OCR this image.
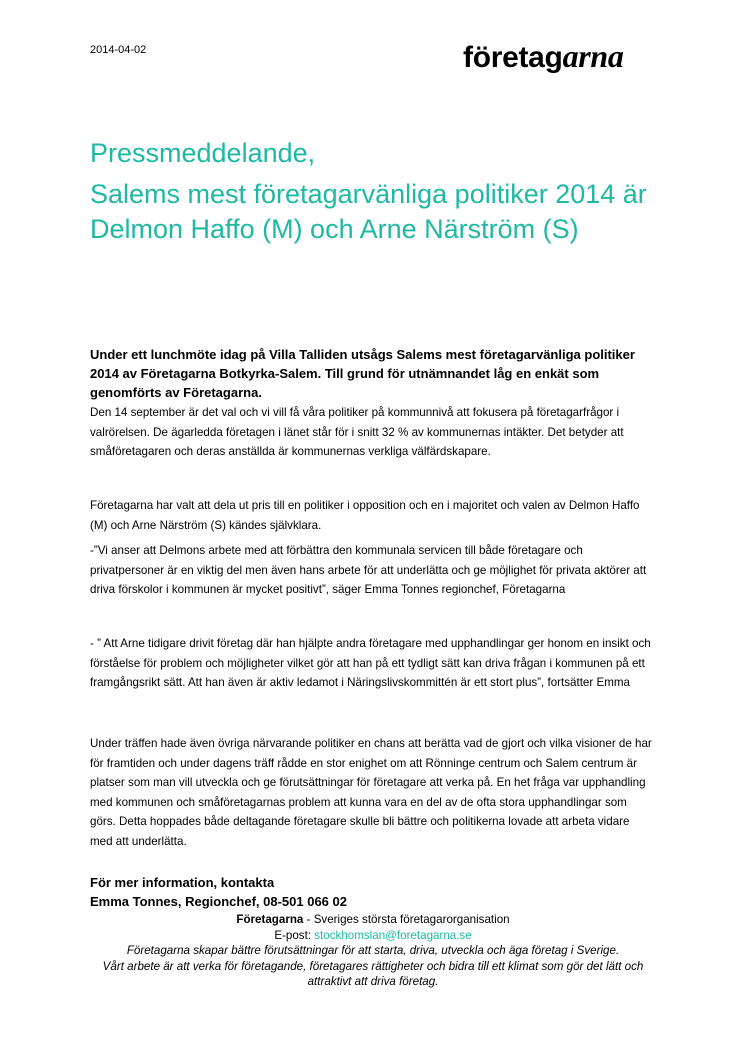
2014-04-02	företagarna
Pressmeddelande,
Salems mest företagarvänliga politiker 2014 är Delmon Haffo (M) och Arne Närström (S)

Under ett lunchmöte idag på Villa Talliden utsågs Salems mest företagarvänliga politiker 2014 av Företagarna Botkyrka-Salem. Till grund för utnämnandet låg en enkät som genomförts av Företagarna.

Den 14 september är det val och vi vill få våra politiker på kommunnivå att fokusera på företagarfrågor i valrörelsen. De ägarledda företagen i länet står för i snitt 32 % av kommunernas intäkter. Det betyder att småföretagaren och deras anställda är kommunernas verkliga välfärdskapare.

Företagarna har valt att dela ut pris till en politiker i opposition och en i majoritet och valen av Delmon Haffo (M) och Arne Närström (S) kändes självklara.

-”Vi anser att Delmons arbete med att förbättra den kommunala servicen till både företagare och privatpersoner är en viktig del men även hans arbete för att underlätta och ge möjlighet för privata aktörer att driva förskolor i kommunen är mycket positivt”, säger Emma Tonnes regionchef, Företagarna

- ” Att Arne tidigare drivit företag där han hjälpte andra företagare med upphandlingar ger honom en insikt och förståelse för problem och möjligheter vilket gör att han på ett tydligt sätt kan driva frågan i kommunen på ett framgångsrikt sätt. Att han även är aktiv ledamot i Näringslivskommittén är ett stort plus”, fortsätter Emma

Under träffen hade även övriga närvarande politiker en chans att berätta vad de gjort och vilka visioner de har för framtiden och under dagens träff rådde en stor enighet om att Rönninge centrum och Salem centrum är platser som man vill utveckla och ge förutsättningar för företagare att verka på. En het fråga var upphandling med kommunen och småföretagarnas problem att kunna vara en del av de ofta stora upphandlingar som görs. Detta hoppades både deltagande företagare skulle bli bättre och politikerna lovade att arbeta vidare med att underlätta.

För mer information, kontakta
Emma Tonnes, Regionchef, 08-501 066 02
Företagarna - Sveriges största företagarorganisation
E-post: stockhomslan@foretagarna.se
Företagarna skapar bättre förutsättningar för att starta, driva, utveckla och äga företag i Sverige.
Vårt arbete är att verka för företagande, företagares rättigheter och bidra till ett klimat som gör det lätt och attraktivt att driva företag.
